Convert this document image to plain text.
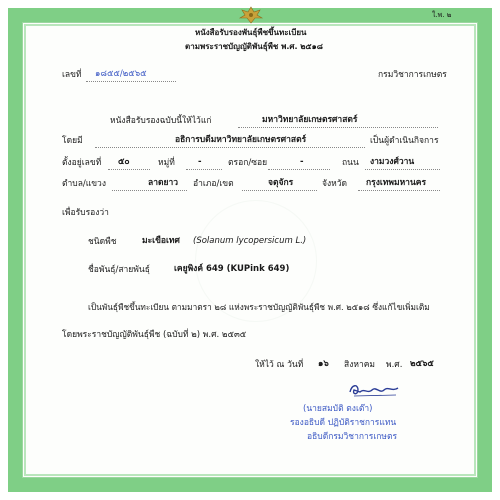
ใ.พ. ๒
หนังสือรับรองพันธุ์พืชขึ้นทะเบียน
ตามพระราชบัญญัติพันธุ์พืช พ.ศ. ๒๕๑๘
เลขที่ ๑๘๕๕/๒๕๖๕	กรมวิชาการเกษตร
หนังสือรับรองฉบับนี้ให้ไว้แก่	มหาวิทยาลัยเกษตรศาสตร์
โดยมี	อธิการบดีมหาวิทยาลัยเกษตรศาสตร์	เป็นผู้ดำเนินกิจการ
ตั้งอยู่เลขที่ ๕๐	หมู่ที่	-	ตรอก/ซอย	-	ถนน งามวงศ์วาน
ตำบล/แขวง	ลาดยาว อำเภอ/เขต	จตุจักร	จังหวัด กรุงเทพมหานคร
เพื่อรับรองว่า
ชนิดพืช	มะเขือเทศ (Solanum lycopersicum L.)
ชื่อพันธุ์/สายพันธุ์	เคยูพิงค์ 649 (KUPink 649)
เป็นพันธุ์พืชขึ้นทะเบียน ตามมาตรา ๒๘ แห่งพระราชบัญญัติพันธุ์พืช พ.ศ. ๒๕๑๘ ซึ่งแก้ไขเพิ่มเติม
โดยพระราชบัญญัติพันธุ์พืช (ฉบับที่ ๒) พ.ศ. ๒๕๓๕
ให้ไว้ ณ วันที่ ๑๖ สิงหาคม พ.ศ. ๒๕๖๕
(นายสมบัติ ตงเต๊า)
รองอธิบดี ปฏิบัติราชการแทน
อธิบดีกรมวิชาการเกษตร
